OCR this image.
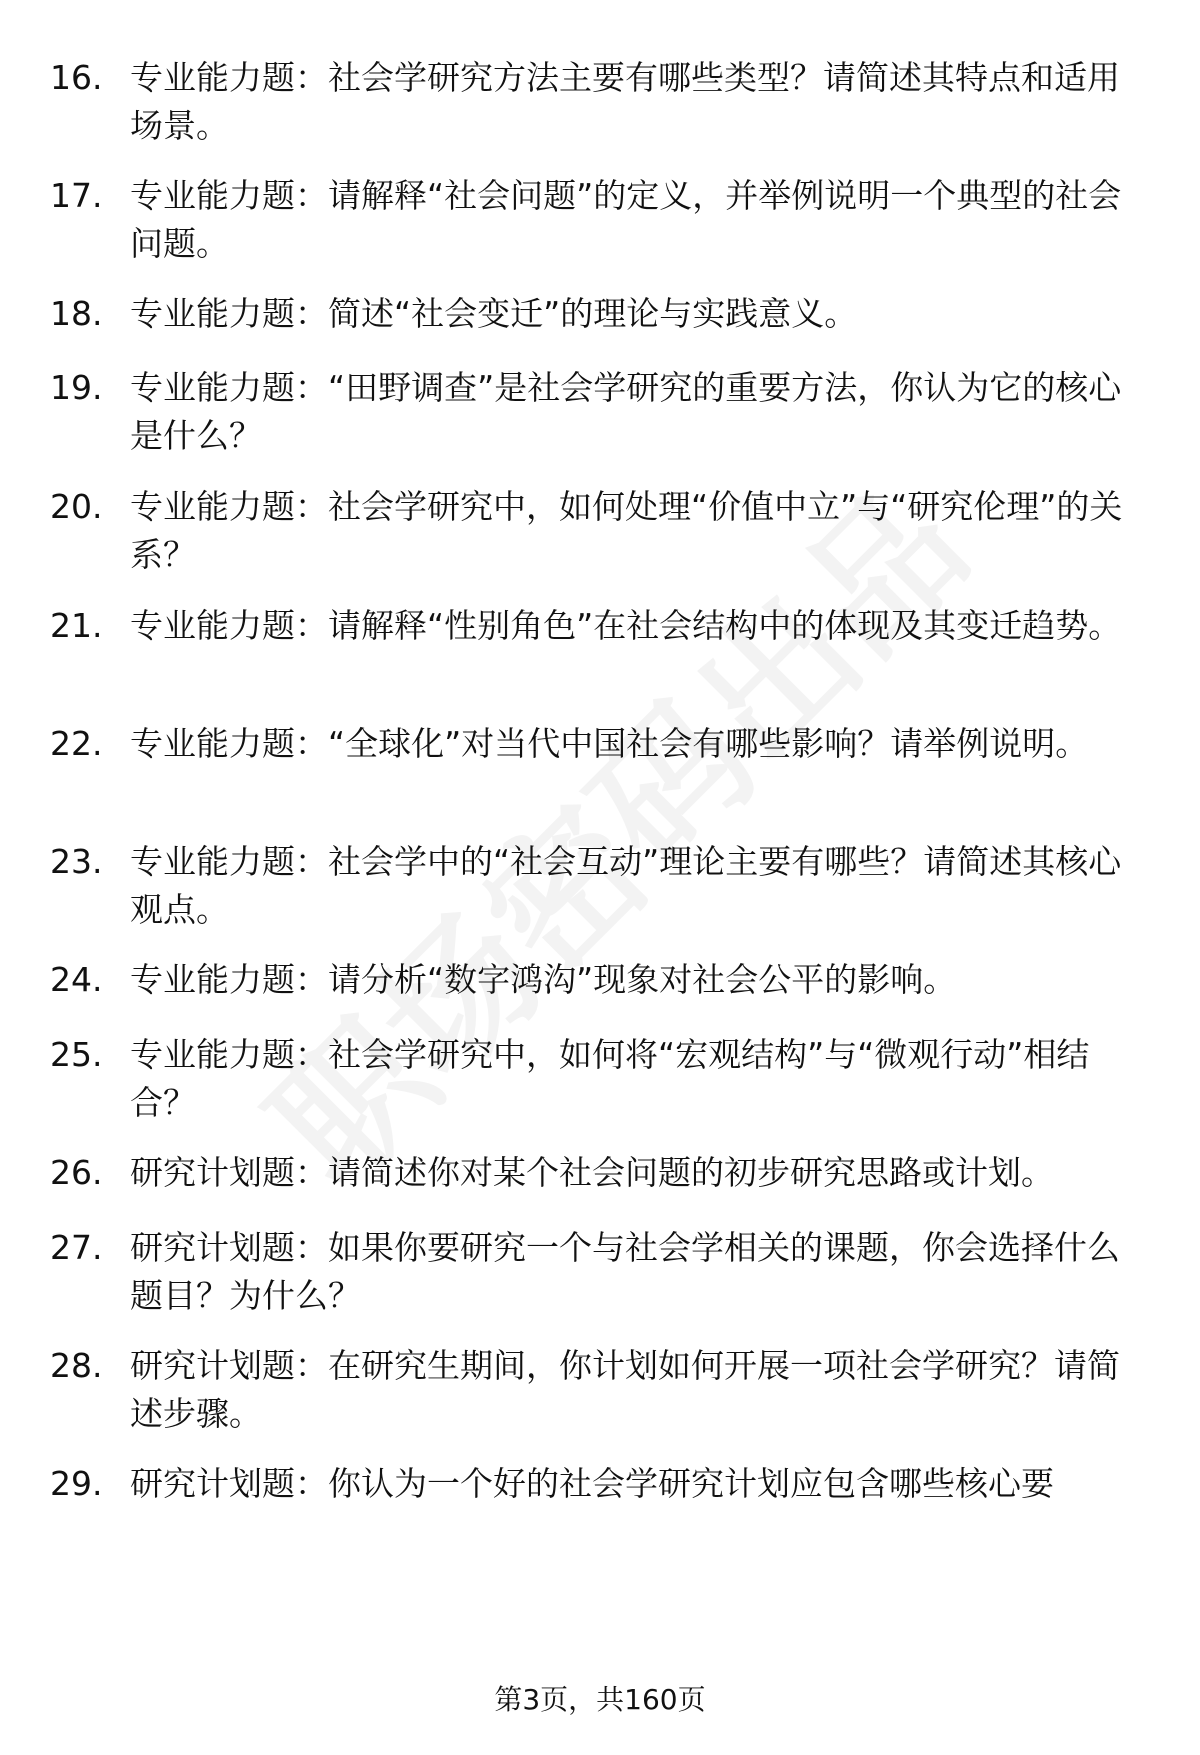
16. 专业能力题：社会学研究方法主要有哪些类型？请简述其特点和适用场景。
17. 专业能力题：请解释“社会问题”的定义，并举例说明一个典型的社会问题。
18. 专业能力题：简述“社会变迁”的理论与实践意义。
19. 专业能力题：“田野调查”是社会学研究的重要方法，你认为它的核心是什么？
20. 专业能力题：社会学研究中，如何处理“价值中立”与“研究伦理”的关系？
21. 专业能力题：请解释“性别角色”在社会结构中的体现及其变迁趋势。
22. 专业能力题：“全球化”对当代中国社会有哪些影响？请举例说明。
23. 专业能力题：社会学中的“社会互动”理论主要有哪些？请简述其核心观点。
24. 专业能力题：请分析“数字鸿沟”现象对社会公平的影响。
25. 专业能力题：社会学研究中，如何将“宏观结构”与“微观行动”相结合？
26. 研究计划题：请简述你对某个社会问题的初步研究思路或计划。
27. 研究计划题：如果你要研究一个与社会学相关的课题，你会选择什么题目？为什么？
28. 研究计划题：在研究生期间，你计划如何开展一项社会学研究？请简述步骤。
29. 研究计划题：你认为一个好的社会学研究计划应包含哪些核心要
第3页，共160页
